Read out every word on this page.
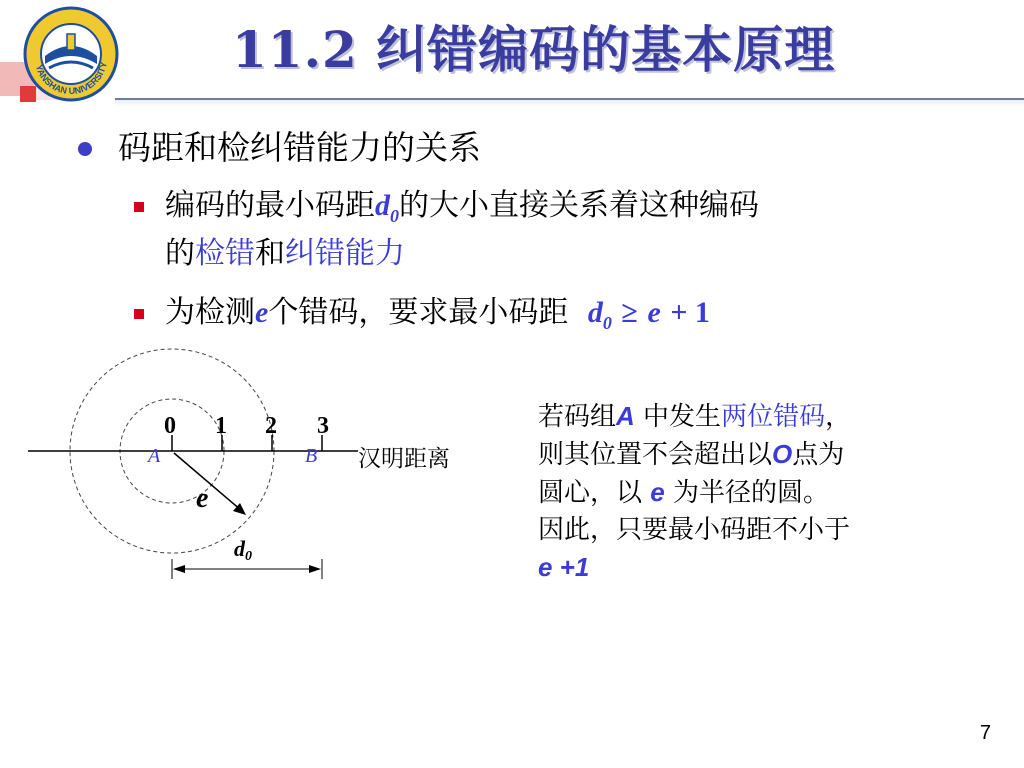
YANSHAN UNIVERSITY 11.2 纠错编码的基本原理
码距和检纠错能力的关系
编码的最小码距$d_0$的大小直接关系着这种编码
的检错和纠错能力
为检测e个错码，要求最小码距 $d_0 \ge e + 1$
0 1 2 3
A	B
e
d0
汉明距离

若码组A 中发生两位错码，

则其位置不会超出以O点为

圆心，以 e 为半径的圆。

因此，只要最小码距不小于

e +1

7
